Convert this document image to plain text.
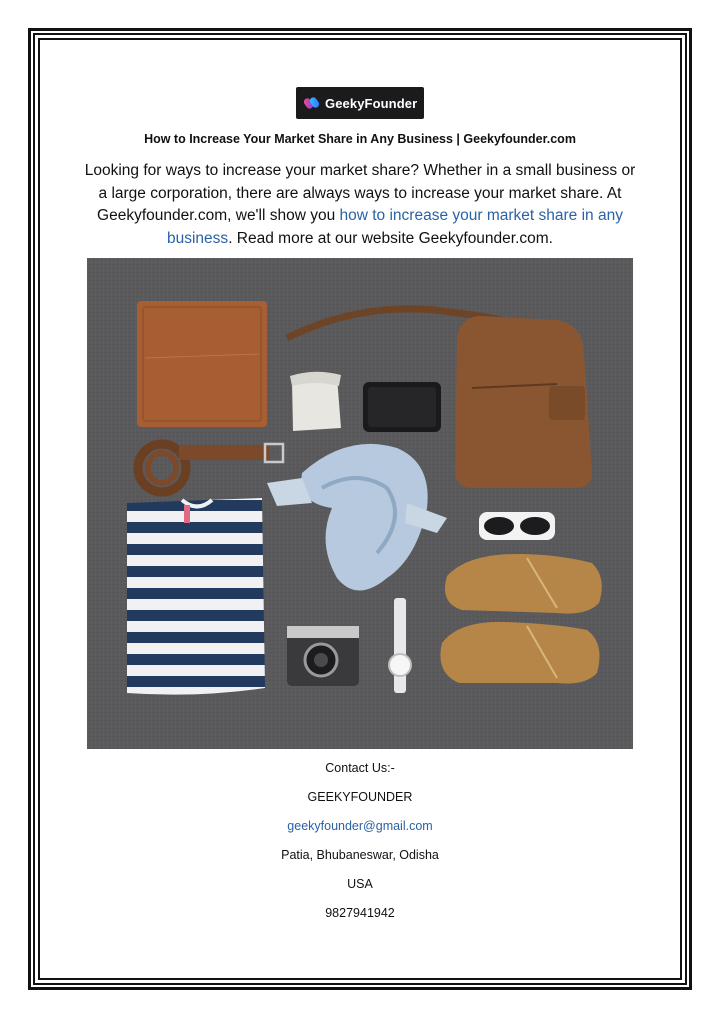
GeekyFounder
How to Increase Your Market Share in Any Business | Geekyfounder.com
Looking for ways to increase your market share? Whether in a small business or a large corporation, there are always ways to increase your market share. At Geekyfounder.com, we'll show you how to increase your market share in any business. Read more at our website Geekyfounder.com.
Contact Us:-
GEEKYFOUNDER
geekyfounder@gmail.com
Patia, Bhubaneswar, Odisha
USA
9827941942
